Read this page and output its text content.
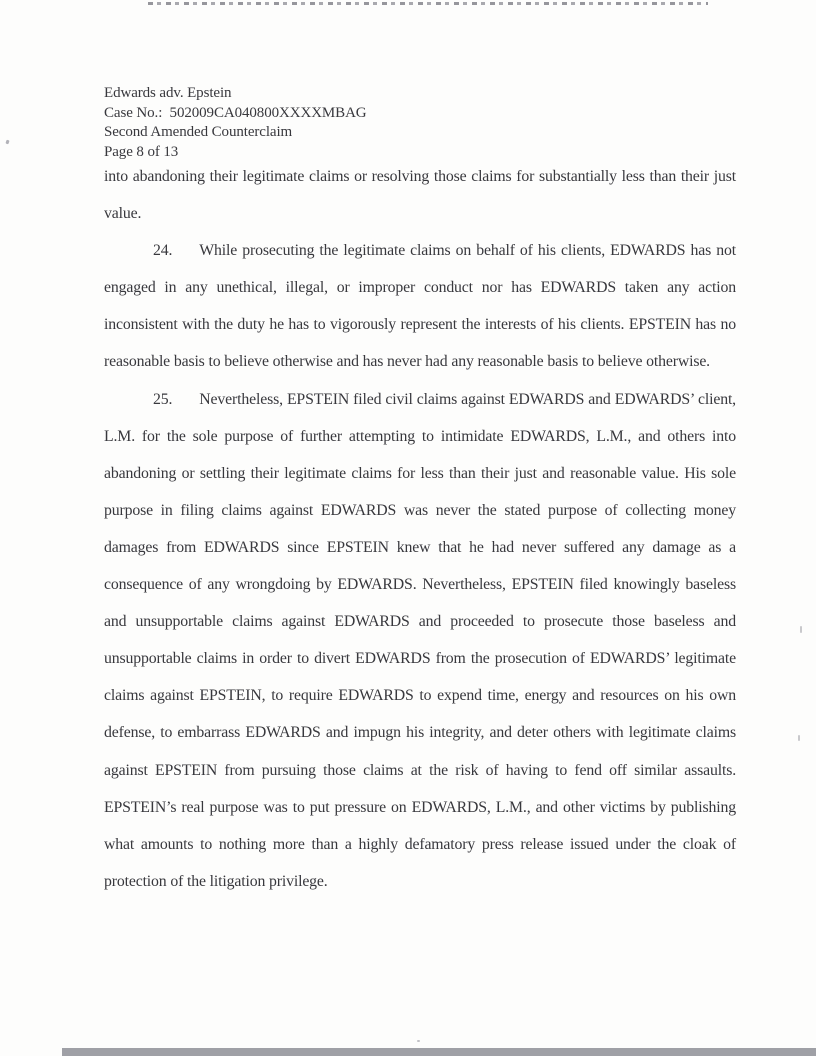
Edwards adv. Epstein
Case No.:  502009CA040800XXXXMBAG
Second Amended Counterclaim
Page 8 of 13

into abandoning their legitimate claims or resolving those claims for substantially less than their just value.

24. While prosecuting the legitimate claims on behalf of his clients, EDWARDS has not engaged in any unethical, illegal, or improper conduct nor has EDWARDS taken any action inconsistent with the duty he has to vigorously represent the interests of his clients. EPSTEIN has no reasonable basis to believe otherwise and has never had any reasonable basis to believe otherwise.

25. Nevertheless, EPSTEIN filed civil claims against EDWARDS and EDWARDS’ client, L.M. for the sole purpose of further attempting to intimidate EDWARDS, L.M., and others into abandoning or settling their legitimate claims for less than their just and reasonable value. His sole purpose in filing claims against EDWARDS was never the stated purpose of collecting money damages from EDWARDS since EPSTEIN knew that he had never suffered any damage as a consequence of any wrongdoing by EDWARDS. Nevertheless, EPSTEIN filed knowingly baseless and unsupportable claims against EDWARDS and proceeded to prosecute those baseless and unsupportable claims in order to divert EDWARDS from the prosecution of EDWARDS’ legitimate claims against EPSTEIN, to require EDWARDS to expend time, energy and resources on his own defense, to embarrass EDWARDS and impugn his integrity, and deter others with legitimate claims against EPSTEIN from pursuing those claims at the risk of having to fend off similar assaults. EPSTEIN’s real purpose was to put pressure on EDWARDS, L.M., and other victims by publishing what amounts to nothing more than a highly defamatory press release issued under the cloak of protection of the litigation privilege.
